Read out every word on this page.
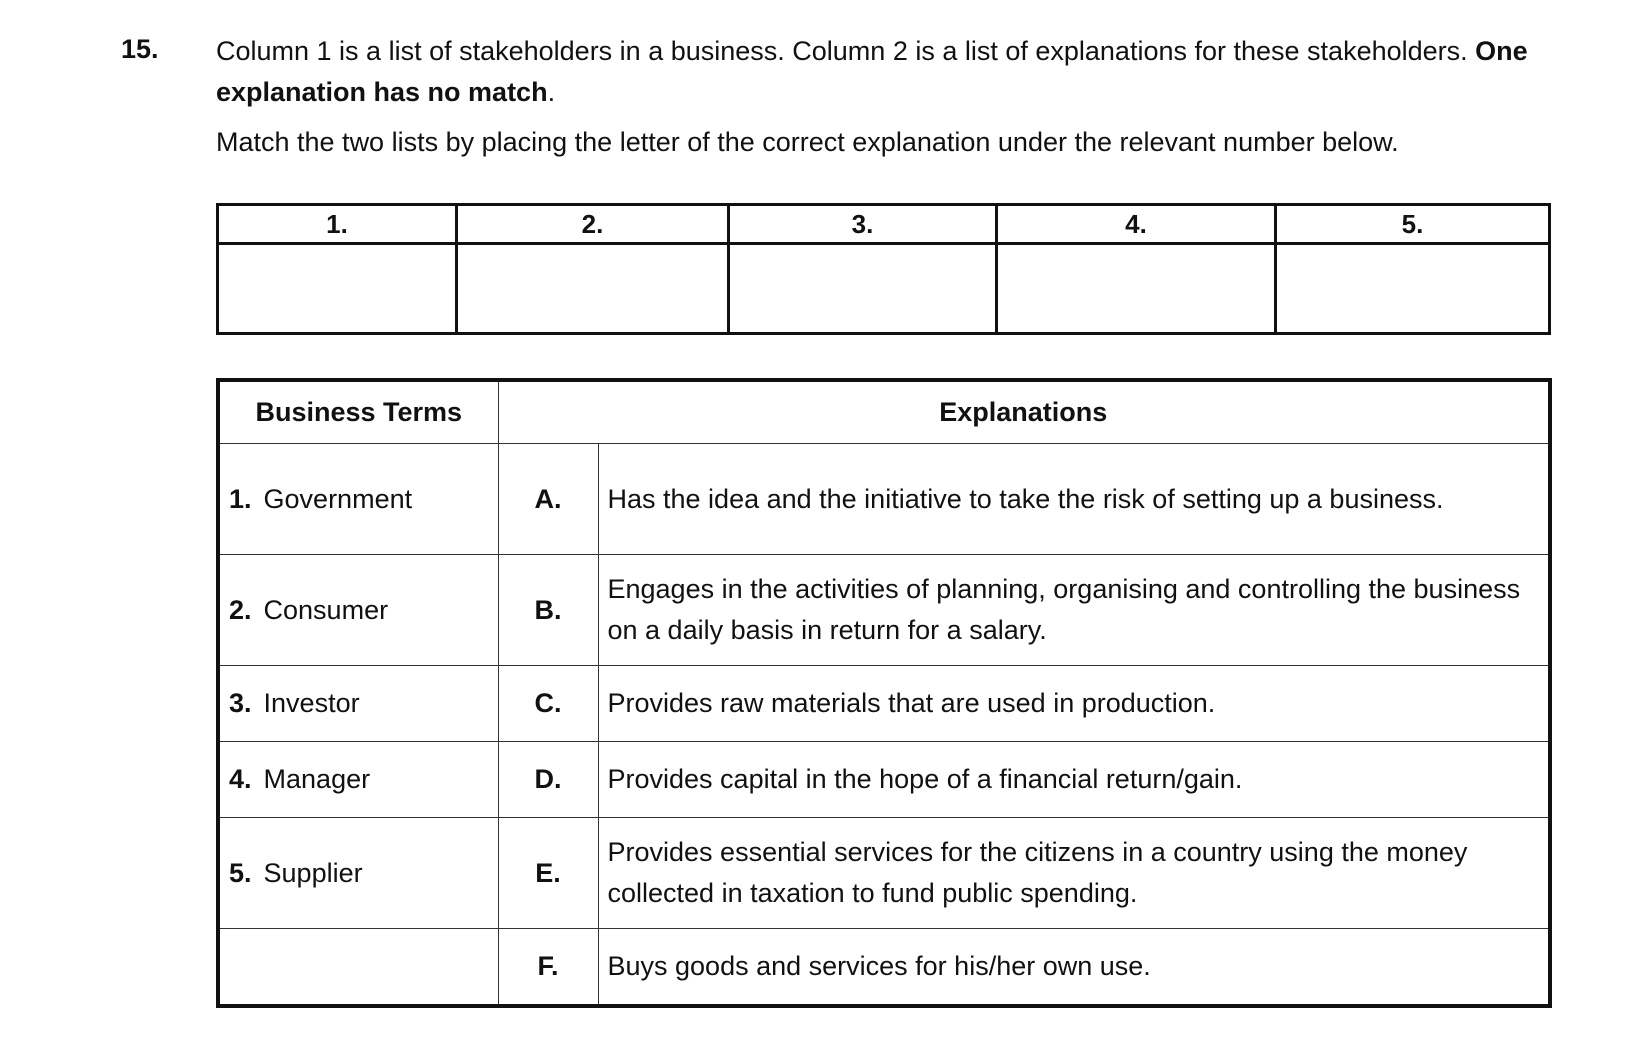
15. Column 1 is a list of stakeholders in a business. Column 2 is a list of explanations for these stakeholders. One explanation has no match.

Match the two lists by placing the letter of the correct explanation under the relevant number below.

1.	2.	3.	4.	5.

Business Terms	Explanations	
1. Government	A.	Has the idea and the initiative to take the risk of setting up a business.
2. Consumer	B.	Engages in the activities of planning, organising and controlling the business on a daily basis in return for a salary.
3. Investor	C.	Provides raw materials that are used in production.
4. Manager	D.	Provides capital in the hope of a financial return/gain.
5. Supplier	E.	Provides essential services for the citizens in a country using the money collected in taxation to fund public spending.
	F.	Buys goods and services for his/her own use.
